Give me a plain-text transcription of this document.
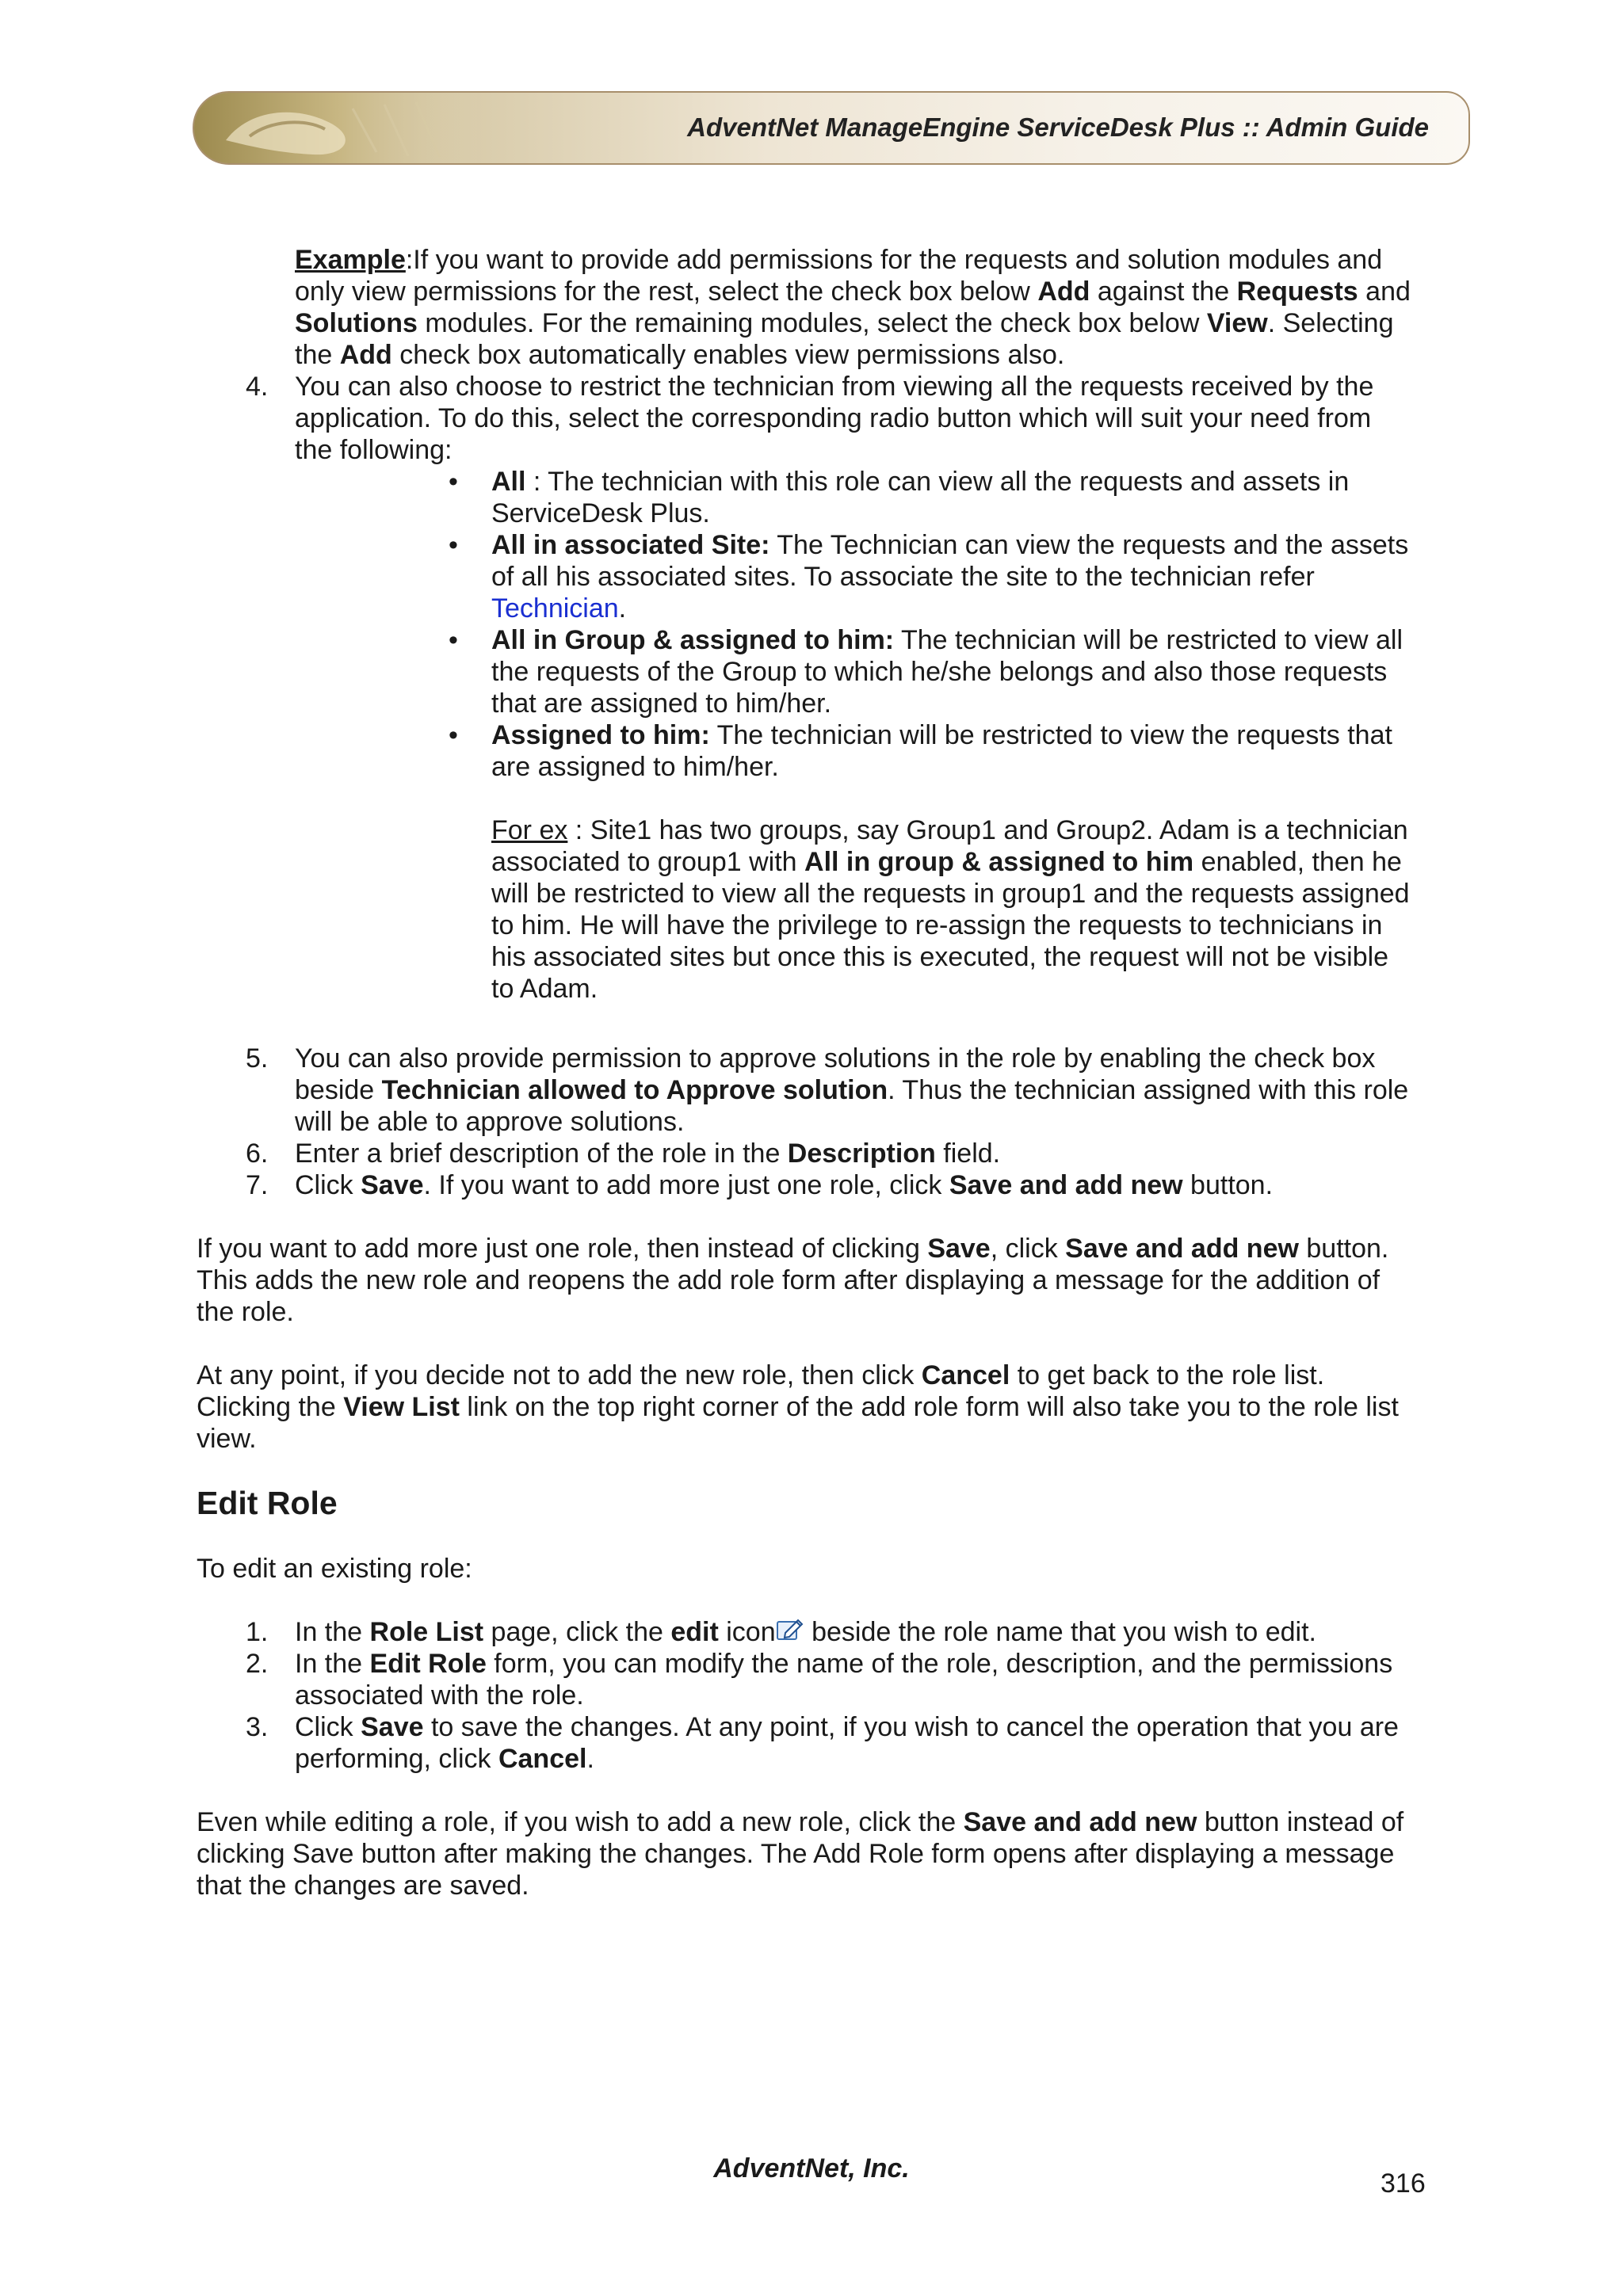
AdventNet ManageEngine ServiceDesk Plus :: Admin Guide

Example:If you want to provide add permissions for the requests and solution modules and
only view permissions for the rest, select the check box below Add against the Requests and
Solutions modules. For the remaining modules, select the check box below View. Selecting
the Add check box automatically enables view permissions also.

4. You can also choose to restrict the technician from viewing all the requests received by the
application. To do this, select the corresponding radio button which will suit your need from
the following:

• All : The technician with this role can view all the requests and assets in
ServiceDesk Plus.

• All in associated Site: The Technician can view the requests and the assets
of all his associated sites. To associate the site to the technician refer
Technician.

• All in Group & assigned to him: The technician will be restricted to view all
the requests of the Group to which he/she belongs and also those requests
that are assigned to him/her.

• Assigned to him: The technician will be restricted to view the requests that
are assigned to him/her.

For ex : Site1 has two groups, say Group1 and Group2. Adam is a technician
associated to group1 with All in group & assigned to him enabled, then he
will be restricted to view all the requests in group1 and the requests assigned
to him. He will have the privilege to re-assign the requests to technicians in
his associated sites but once this is executed, the request will not be visible
to Adam.

5. You can also provide permission to approve solutions in the role by enabling the check box
beside Technician allowed to Approve solution. Thus the technician assigned with this role
will be able to approve solutions.

6. Enter a brief description of the role in the Description field.

7. Click Save. If you want to add more just one role, click Save and add new button.

If you want to add more just one role, then instead of clicking Save, click Save and add new button.
This adds the new role and reopens the add role form after displaying a message for the addition of
the role.

At any point, if you decide not to add the new role, then click Cancel to get back to the role list.
Clicking the View List link on the top right corner of the add role form will also take you to the role list
view.

Edit Role

To edit an existing role:

1. In the Role List page, click the edit icon beside the role name that you wish to edit.

2. In the Edit Role form, you can modify the name of the role, description, and the permissions
associated with the role.

3. Click Save to save the changes. At any point, if you wish to cancel the operation that you are
performing, click Cancel.

Even while editing a role, if you wish to add a new role, click the Save and add new button instead of
clicking Save button after making the changes. The Add Role form opens after displaying a message
that the changes are saved.

AdventNet, Inc.	316
